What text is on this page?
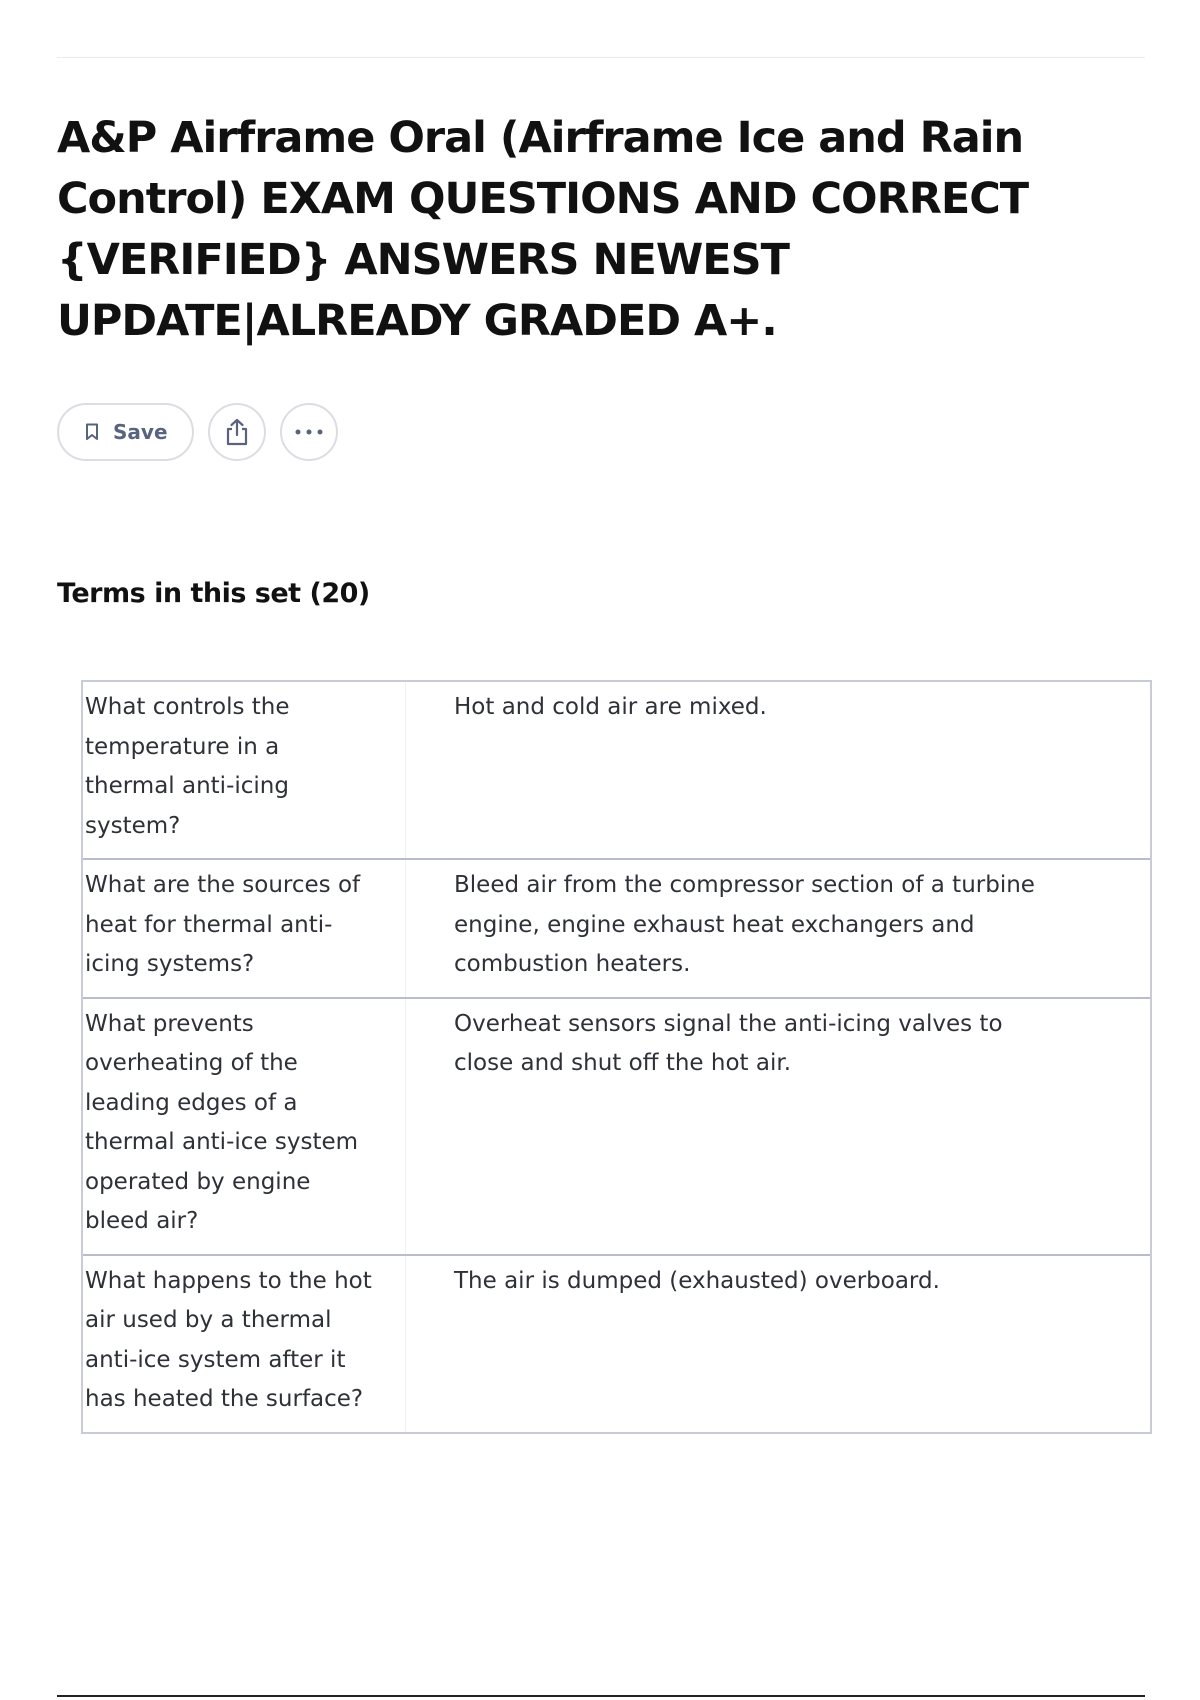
A&P Airframe Oral (Airframe Ice and Rain Control) EXAM QUESTIONS AND CORRECT {VERIFIED} ANSWERS NEWEST UPDATE|ALREADY GRADED A+.
Save
Terms in this set (20)
What controls the temperature in a thermal anti-icing system?
Hot and cold air are mixed.
What are the sources of heat for thermal anti-icing systems?
Bleed air from the compressor section of a turbine engine, engine exhaust heat exchangers and combustion heaters.
What prevents overheating of the leading edges of a thermal anti-ice system operated by engine bleed air?
Overheat sensors signal the anti-icing valves to close and shut off the hot air.
What happens to the hot air used by a thermal anti-ice system after it has heated the surface?
The air is dumped (exhausted) overboard.
